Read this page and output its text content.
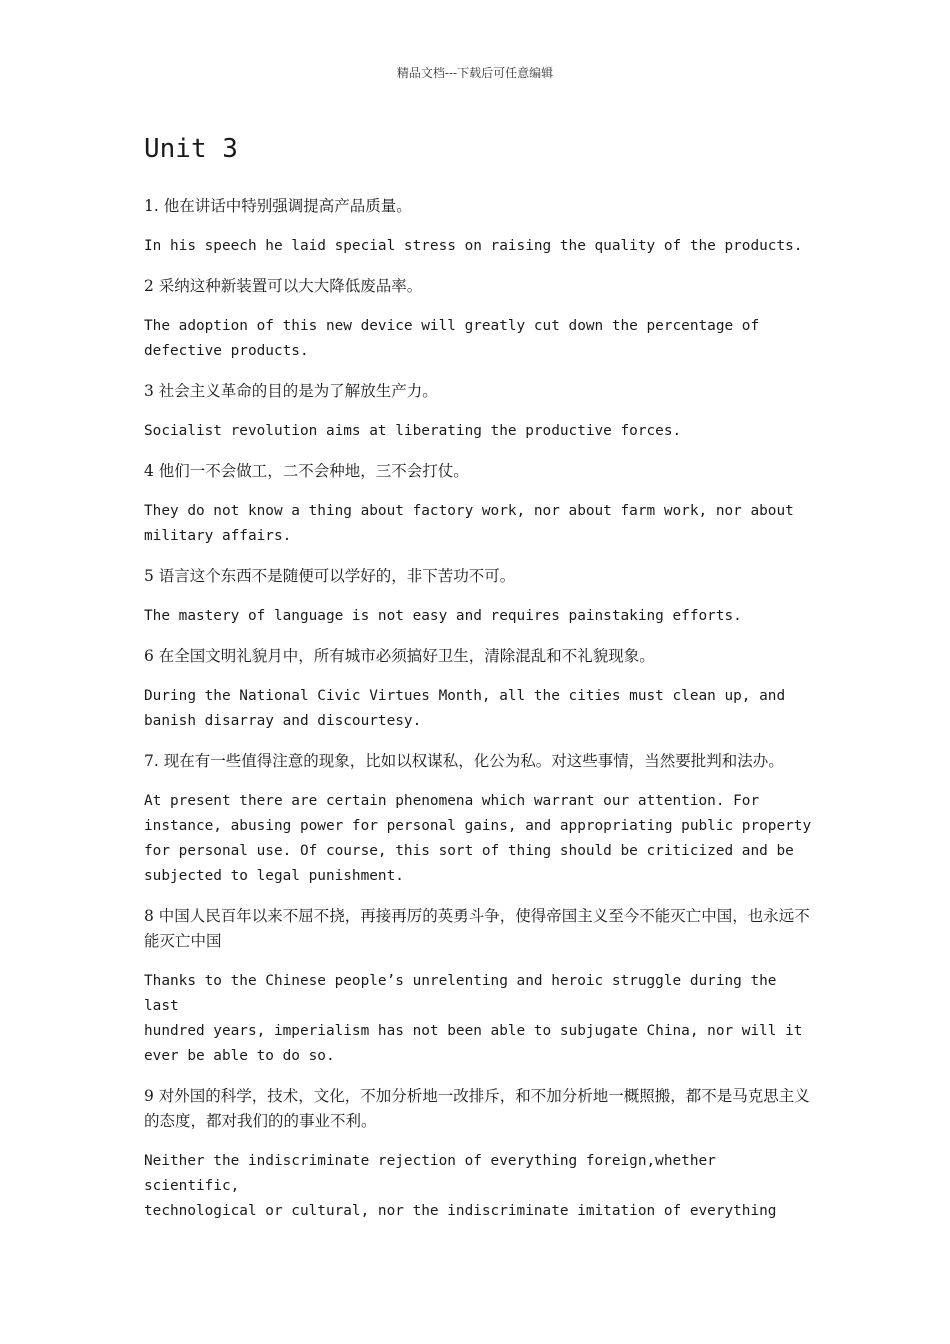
精品文档---下载后可任意编辑

Unit 3

1. 他在讲话中特别强调提高产品质量。

In his speech he laid special stress on raising the quality of the products.

2 采纳这种新装置可以大大降低废品率。

The adoption of this new device will greatly cut down the percentage of
defective products.

3 社会主义革命的目的是为了解放生产力。

Socialist revolution aims at liberating the productive forces.

4 他们一不会做工，二不会种地，三不会打仗。

They do not know a thing about factory work, nor about farm work, nor about
military affairs.

5 语言这个东西不是随便可以学好的，非下苦功不可。

The mastery of language is not easy and requires painstaking efforts.

6 在全国文明礼貌月中，所有城市必须搞好卫生，清除混乱和不礼貌现象。

During the National Civic Virtues Month, all the cities must clean up, and
banish disarray and discourtesy.

7. 现在有一些值得注意的现象，比如以权谋私，化公为私。对这些事情，当然要批判和法办。

At present there are certain phenomena which warrant our attention. For
instance, abusing power for personal gains, and appropriating public property
for personal use. Of course, this sort of thing should be criticized and be
subjected to legal punishment.

8 中国人民百年以来不屈不挠，再接再厉的英勇斗争，使得帝国主义至今不能灭亡中国，也永远不能灭亡中国

Thanks to the Chinese people’s unrelenting and heroic struggle during the last
hundred years, imperialism has not been able to subjugate China, nor will it
ever be able to do so.

9 对外国的科学，技术，文化，不加分析地一改排斥，和不加分析地一概照搬，都不是马克思主义的态度，都对我们的的事业不利。

Neither the indiscriminate rejection of everything foreign,whether scientific,
technological or cultural, nor the indiscriminate imitation of everything
